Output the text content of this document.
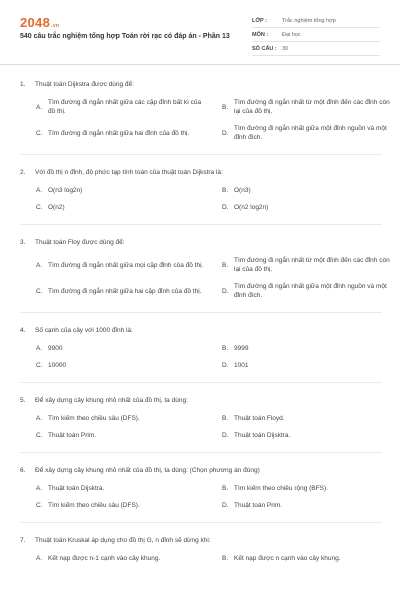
2048.vn
540 câu trắc nghiệm tổng hợp Toán rời rạc có đáp án - Phần 13
LỚP :	Trắc nghiệm tổng hợp
MÔN :	Đại học
SỐ CÂU : 30
1.	Thuật toán Dijkstra được dùng để:
A.
Tìm đường đi ngắn nhất giữa các cặp đỉnh bất kì của đồ thị.
B.
Tìm đường đi ngắn nhất từ một đỉnh đến các đỉnh còn lại của đồ thị.
C. Tìm đường đi ngắn nhất giữa hai đỉnh của đồ thị.	D.
Tìm đường đi ngắn nhất giữa một đỉnh nguồn và một đỉnh đích.
2.	Với đồ thị n đỉnh, độ phức tạp tính toán của thuật toán Dijkstra là:
A. O(n3 log2n)	B. O(n3)
C. O(n2)	D. O(n2 log2n)
3.	Thuật toán Floy được dùng để:
A. Tìm đường đi ngắn nhất giữa mọi cặp đỉnh của đồ thị.	B.
Tìm đường đi ngắn nhất từ một đỉnh đến các đỉnh còn lại của đồ thị.
C. Tìm đường đi ngắn nhất giữa hai cặp đỉnh của đồ thị.	D.
Tìm đường đi ngắn nhất giữa một đỉnh nguồn và một đỉnh đích.
4.	Số cạnh của cây với 1000 đỉnh là:
A. 9900	B. 9999
C. 10000	D. 1001
5.	Để xây dựng cây khung nhỏ nhất của đồ thị, ta dùng:
A. Tìm kiếm theo chiều sâu (DFS).	B. Thuật toán Floyd.
C. Thuật toán Prim.	D. Thuật toán Dijsktra.
6.	Để xây dựng cây khung nhỏ nhất của đồ thị, ta dùng: (Chọn phương án đúng)
A. Thuật toán Dijsktra.	B. Tìm kiếm theo chiều rộng (BFS).
C. Tìm kiếm theo chiều sâu (DFS).	D. Thuật toán Prim.
7.	Thuật toán Kruskal áp dụng cho đồ thị G, n đỉnh sẽ dừng khi:
A. Kết nạp được n-1 cạnh vào cây khung.	B. Kết nạp được n cạnh vào cây khung.
